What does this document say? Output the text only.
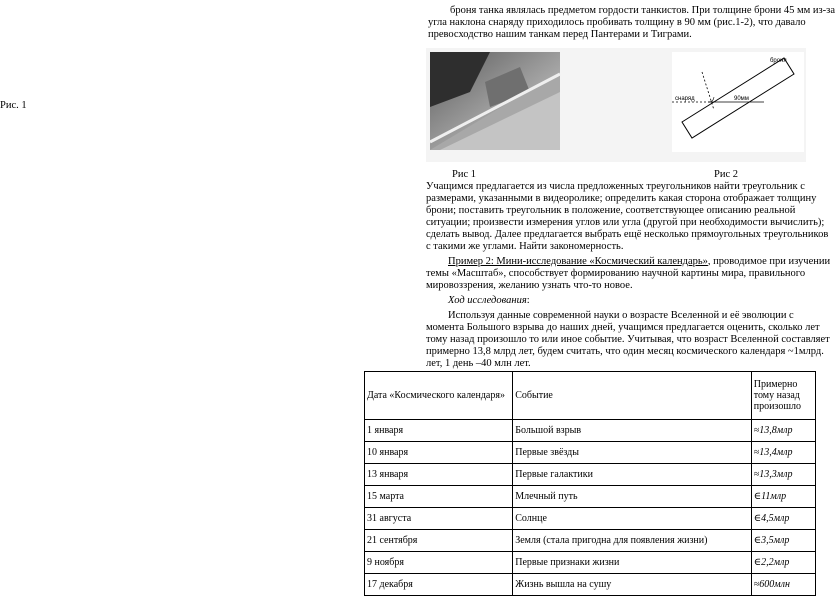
Рис. 1
броня танка являлась предметом гордости танкистов. При толщине брони 45 мм из-за
угла наклона снаряду приходилось пробивать толщину в 90 мм (рис.1-2), что давало
превосходство нашим танкам перед Пантерами и Тиграми.
броня
снаряд	90мм
Рис 1	Рис 2
Учащимся предлагается из числа предложенных треугольников найти треугольник с
размерами, указанными в видеоролике; определить какая сторона отображает толщину
брони; поставить треугольник в положение, соответствующее описанию реальной
ситуации; произвести измерения углов или угла (другой при необходимости вычислить);
сделать вывод. Далее предлагается выбрать ещё несколько прямоугольных треугольников
с такими же углами. Найти закономерность.
Пример 2: Мини-исследование «Космический календарь», проводимое при изучении
темы «Масштаб», способствует формированию научной картины мира, правильного
мировоззрения, желанию узнать что-то новое.
Ход исследования:
Используя данные современной науки о возрасте Вселенной и её эволюции с
момента Большого взрыва до наших дней, учащимся предлагается оценить, сколько лет
тому назад произошло то или иное событие. Учитывая, что возраст Вселенной составляет
примерно 13,8 млрд лет, будем считать, что один месяц космического календаря ~1млрд.
лет, 1 день –40 млн лет.
Дата «Космического календаря»	Событие	Примерно тому назад произошло
1 января	Большой взрыв	≈13,8млр
10 января	Первые звёзды	≈13,4млр
13 января	Первые галактики	≈13,3млр
15 марта	Млечный путь	∈11млр
31 августа	Солнце	∈4,5млр
21 сентября	Земля (стала пригодна для появления жизни)	∈3,5млр
9 ноября	Первые признаки жизни	∈2,2млр
17 декабря	Жизнь вышла на сушу	≈600млн
